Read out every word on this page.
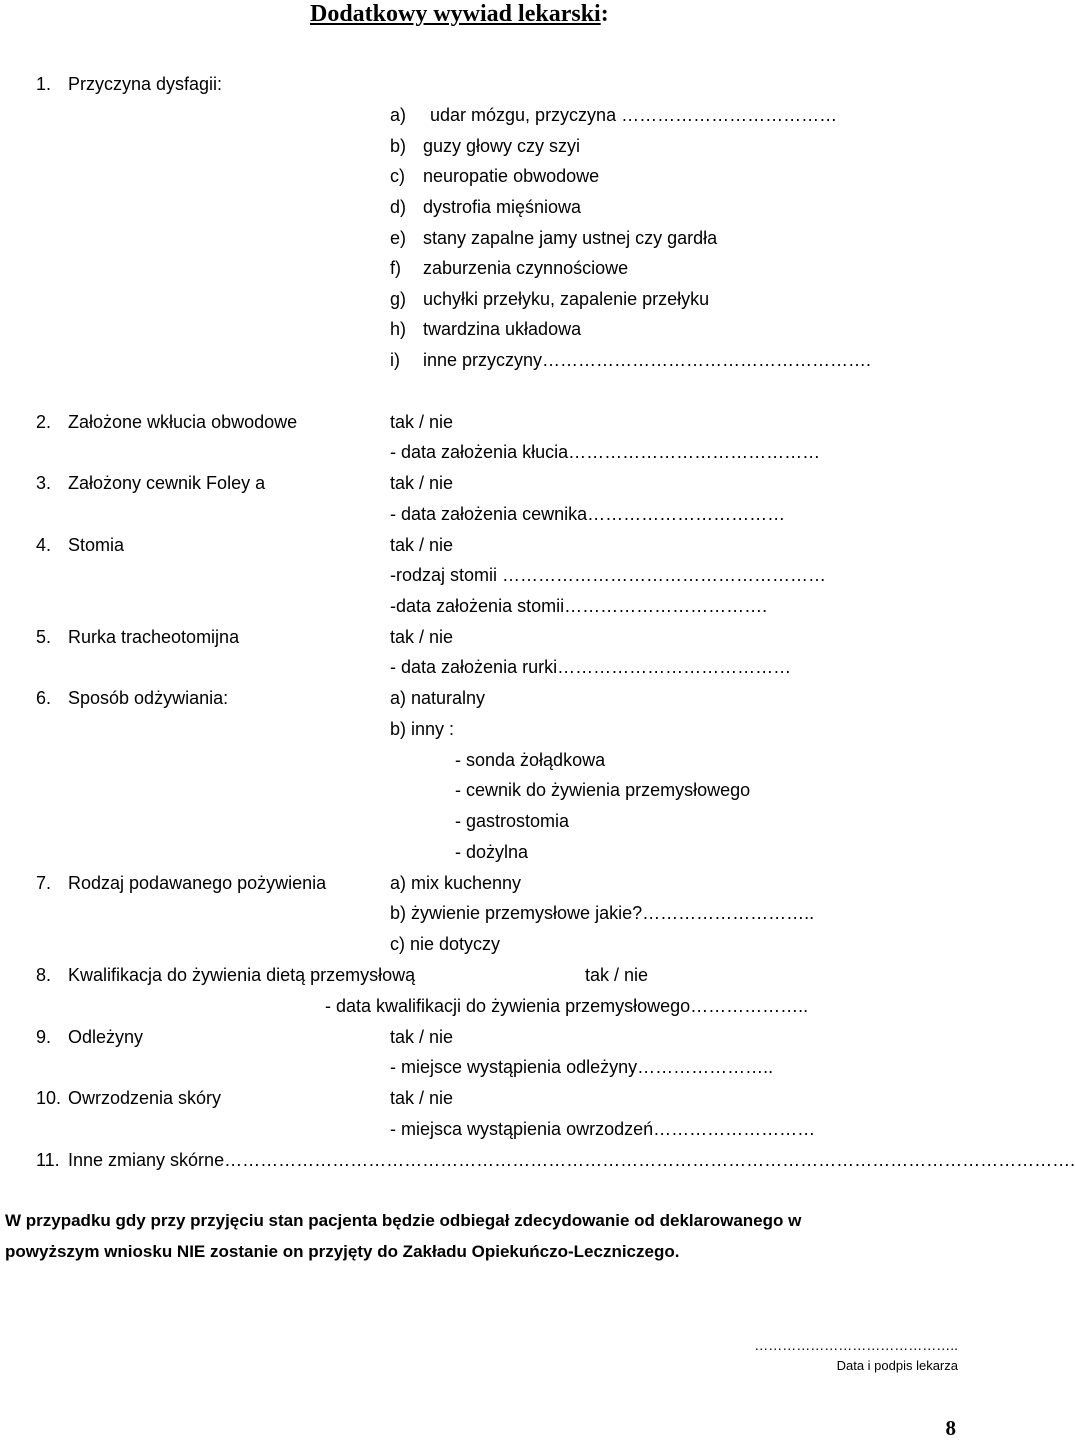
Dodatkowy wywiad lekarski:
1. Przyczyna dysfagii:
a) udar mózgu, przyczyna ………………………………
b) guzy głowy czy szyi
c) neuropatie obwodowe
d) dystrofia mięśniowa
e) stany zapalne jamy ustnej czy gardła
f) zaburzenia czynnościowe
g) uchyłki przełyku, zapalenie przełyku
h) twardzina układowa
i) inne przyczyny……………………………………………….
2. Założone wkłucia obwodowe	tak / nie
- data założenia kłucia……………………………………
3. Założony cewnik Foley a	tak / nie
- data założenia cewnika……………………………
4. Stomia	tak / nie
-rodzaj stomii ………………………………………………
-data założenia stomii…………………………….
5. Rurka tracheotomijna	tak / nie
- data założenia rurki…………………………………
6. Sposób odżywiania:	a) naturalny
b) inny :
- sonda żołądkowa
- cewnik do żywienia przemysłowego
- gastrostomia
- dożylna
7. Rodzaj podawanego pożywienia	a) mix kuchenny
b) żywienie przemysłowe jakie?………………………..
c) nie dotyczy
8. Kwalifikacja do żywienia dietą przemysłową	tak / nie
- data kwalifikacji do żywienia przemysłowego………………..
9. Odleżyny	tak / nie
- miejsce wystąpienia odleżyny…………………..
10. Owrzodzenia skóry	tak / nie
- miejsca wystąpienia owrzodzeń………………………
11. Inne zmiany skórne…………………………………………………………………………………………………………………………….
W przypadku gdy przy przyjęciu stan pacjenta będzie odbiegał zdecydowanie od deklarowanego w
powyższym wniosku NIE zostanie on przyjęty do Zakładu Opiekuńczo-Leczniczego.
……………………………………..
Data i podpis lekarza
8
